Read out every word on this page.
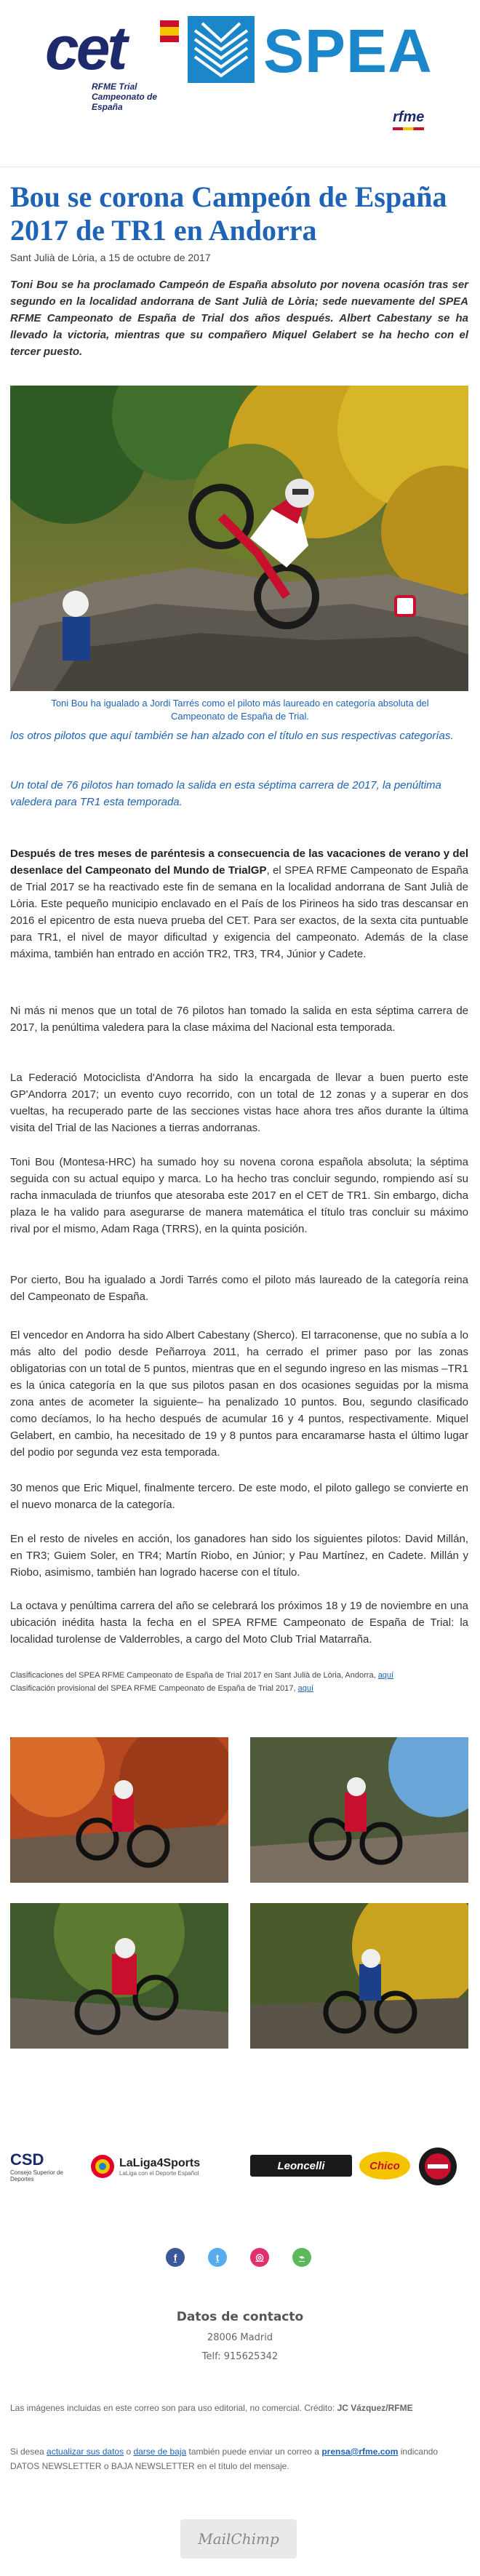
cet
RFME Trial
Campeonato de España
SPEA
rfme
Bou se corona Campeón de España 2017 de TR1 en Andorra
Sant Julià de Lòria, a 15 de octubre de 2017

Toni Bou se ha proclamado Campeón de España absoluto por novena ocasión tras ser segundo en la localidad andorrana de Sant Julià de Lòria; sede nuevamente del SPEA RFME Campeonato de España de Trial dos años después. Albert Cabestany se ha llevado la victoria, mientras que su compañero Miquel Gelabert se ha hecho con el tercer puesto.

Toni Bou ha igualado a Jordi Tarrés como el piloto más laureado en categoría absoluta del Campeonato de España de Trial.

los otros pilotos que aquí también se han alzado con el título en sus respectivas categorías.

Un total de 76 pilotos han tomado la salida en esta séptima carrera de 2017, la penúltima valedera para TR1 esta temporada.

Después de tres meses de paréntesis a consecuencia de las vacaciones de verano y del desenlace del Campeonato del Mundo de TrialGP, el SPEA RFME Campeonato de España de Trial 2017 se ha reactivado este fin de semana en la localidad andorrana de Sant Julià de Lòria. Este pequeño municipio enclavado en el País de los Pirineos ha sido tras descansar en 2016 el epicentro de esta nueva prueba del CET. Para ser exactos, de la sexta cita puntuable para TR1, el nivel de mayor dificultad y exigencia del campeonato. Además de la clase máxima, también han entrado en acción TR2, TR3, TR4, Júnior y Cadete.

Ni más ni menos que un total de 76 pilotos han tomado la salida en esta séptima carrera de 2017, la penúltima valedera para la clase máxima del Nacional esta temporada.

La Federació Motociclista d'Andorra ha sido la encargada de llevar a buen puerto este GP'Andorra 2017; un evento cuyo recorrido, con un total de 12 zonas y a superar en dos vueltas, ha recuperado parte de las secciones vistas hace ahora tres años durante la última visita del Trial de las Naciones a tierras andorranas.

Toni Bou (Montesa-HRC) ha sumado hoy su novena corona española absoluta; la séptima seguida con su actual equipo y marca. Lo ha hecho tras concluir segundo, rompiendo así su racha inmaculada de triunfos que atesoraba este 2017 en el CET de TR1. Sin embargo, dicha plaza le ha valido para asegurarse de manera matemática el título tras concluir su máximo rival por el mismo, Adam Raga (TRRS), en la quinta posición.

Por cierto, Bou ha igualado a Jordi Tarrés como el piloto más laureado de la categoría reina del Campeonato de España.

El vencedor en Andorra ha sido Albert Cabestany (Sherco). El tarraconense, que no subía a lo más alto del podio desde Peñarroya 2011, ha cerrado el primer paso por las zonas obligatorias con un total de 5 puntos, mientras que en el segundo ingreso en las mismas –TR1 es la única categoría en la que sus pilotos pasan en dos ocasiones seguidas por la misma zona antes de acometer la siguiente– ha penalizado 10 puntos. Bou, segundo clasificado como decíamos, lo ha hecho después de acumular 16 y 4 puntos, respectivamente. Miquel Gelabert, en cambio, ha necesitado de 19 y 8 puntos para encaramarse hasta el último lugar del podio por segunda vez esta temporada.

30 menos que Eric Miquel, finalmente tercero. De este modo, el piloto gallego se convierte en el nuevo monarca de la categoría.

En el resto de niveles en acción, los ganadores han sido los siguientes pilotos: David Millán, en TR3; Guiem Soler, en TR4; Martín Riobo, en Júnior; y Pau Martínez, en Cadete. Millán y Riobo, asimismo, también han logrado hacerse con el título.

La octava y penúltima carrera del año se celebrará los próximos 18 y 19 de noviembre en una ubicación inédita hasta la fecha en el SPEA RFME Campeonato de España de Trial: la localidad turolense de Valderrobles, a cargo del Moto Club Trial Matarraña.

Clasificaciones del SPEA RFME Campeonato de España de Trial 2017 en Sant Julià de Lòria, Andorra, aquí
Clasificación provisional del SPEA RFME Campeonato de España de Trial 2017, aquí
CSD
Consejo Superior de Deportes
LaLiga4Sports
LaLiga con el Deporte Español
Leoncelli	Chico
f	t	◎	⌁
Datos de contacto
28006 Madrid
Telf: 915625342
Las imágenes incluidas en este correo son para uso editorial, no comercial. Crédito: JC Vázquez/RFME
Si desea actualizar sus datos o darse de baja también puede enviar un correo a prensa@rfme.com indicando DATOS NEWSLETTER o BAJA NEWSLETTER en el título del mensaje.
MailChimp
